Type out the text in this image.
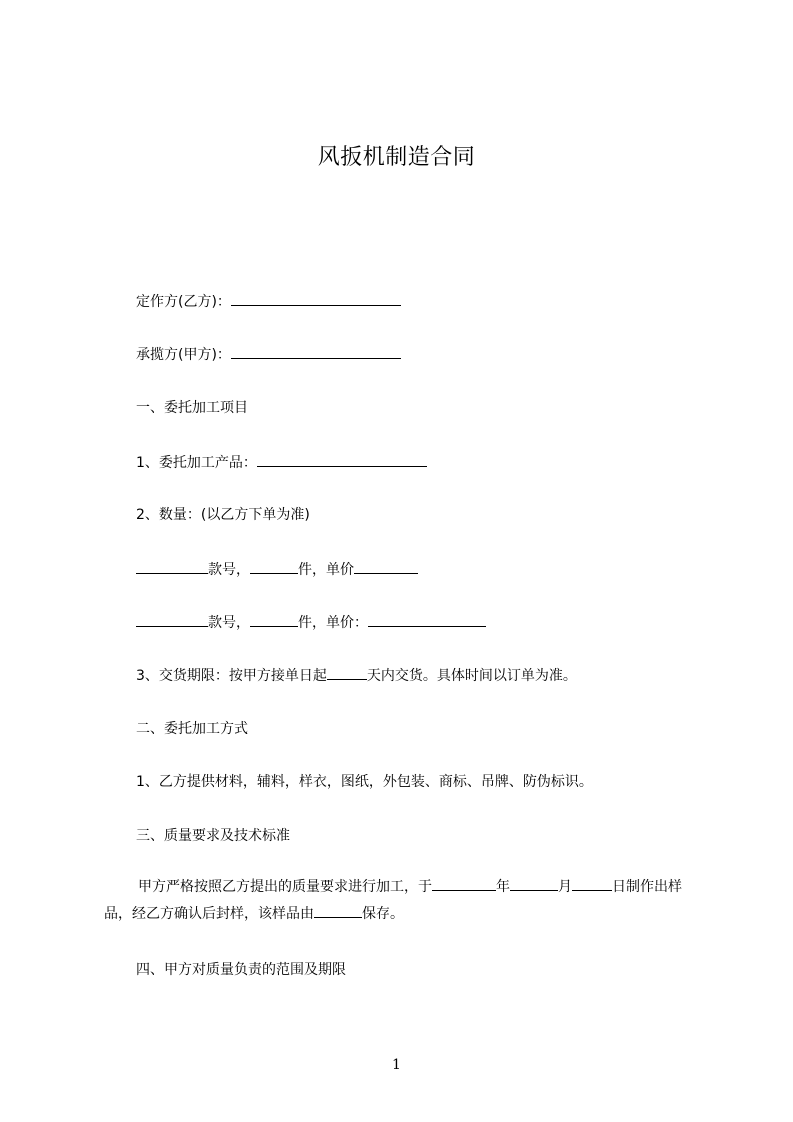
风扳机制造合同
定作方(乙方)：
承揽方(甲方)：
一、委托加工项目
1、委托加工产品：
2、数量：(以乙方下单为准)
款号，	件，单价
款号，	件，单价：
3、交货期限：按甲方接单日起	天内交货。具体时间以订单为准。
二、委托加工方式
1、乙方提供材料，辅料，样衣，图纸，外包装、商标、吊牌、防伪标识。
三、质量要求及技术标准
甲方严格按照乙方提出的质量要求进行加工，于	年	月	日制作出样品，经乙方确认后封样，该样品由	保存。
四、甲方对质量负责的范围及期限
1
